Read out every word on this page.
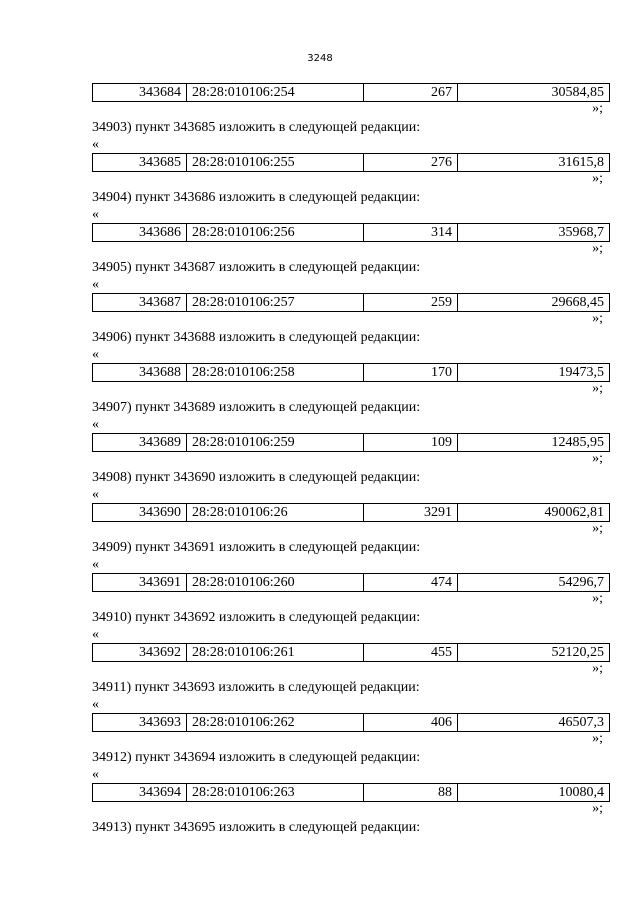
3248
343684	28:28:010106:254	267	30584,85
»;
34903) пункт 343685 изложить в следующей редакции:
«
343685	28:28:010106:255	276	31615,8
»;
34904) пункт 343686 изложить в следующей редакции:
«
343686	28:28:010106:256	314	35968,7
»;
34905) пункт 343687 изложить в следующей редакции:
«
343687	28:28:010106:257	259	29668,45
»;
34906) пункт 343688 изложить в следующей редакции:
«
343688	28:28:010106:258	170	19473,5
»;
34907) пункт 343689 изложить в следующей редакции:
«
343689	28:28:010106:259	109	12485,95
»;
34908) пункт 343690 изложить в следующей редакции:
«
343690	28:28:010106:26	3291	490062,81
»;
34909) пункт 343691 изложить в следующей редакции:
«
343691	28:28:010106:260	474	54296,7
»;
34910) пункт 343692 изложить в следующей редакции:
«
343692	28:28:010106:261	455	52120,25
»;
34911) пункт 343693 изложить в следующей редакции:
«
343693	28:28:010106:262	406	46507,3
»;
34912) пункт 343694 изложить в следующей редакции:
«
343694	28:28:010106:263	88	10080,4
»;
34913) пункт 343695 изложить в следующей редакции:
